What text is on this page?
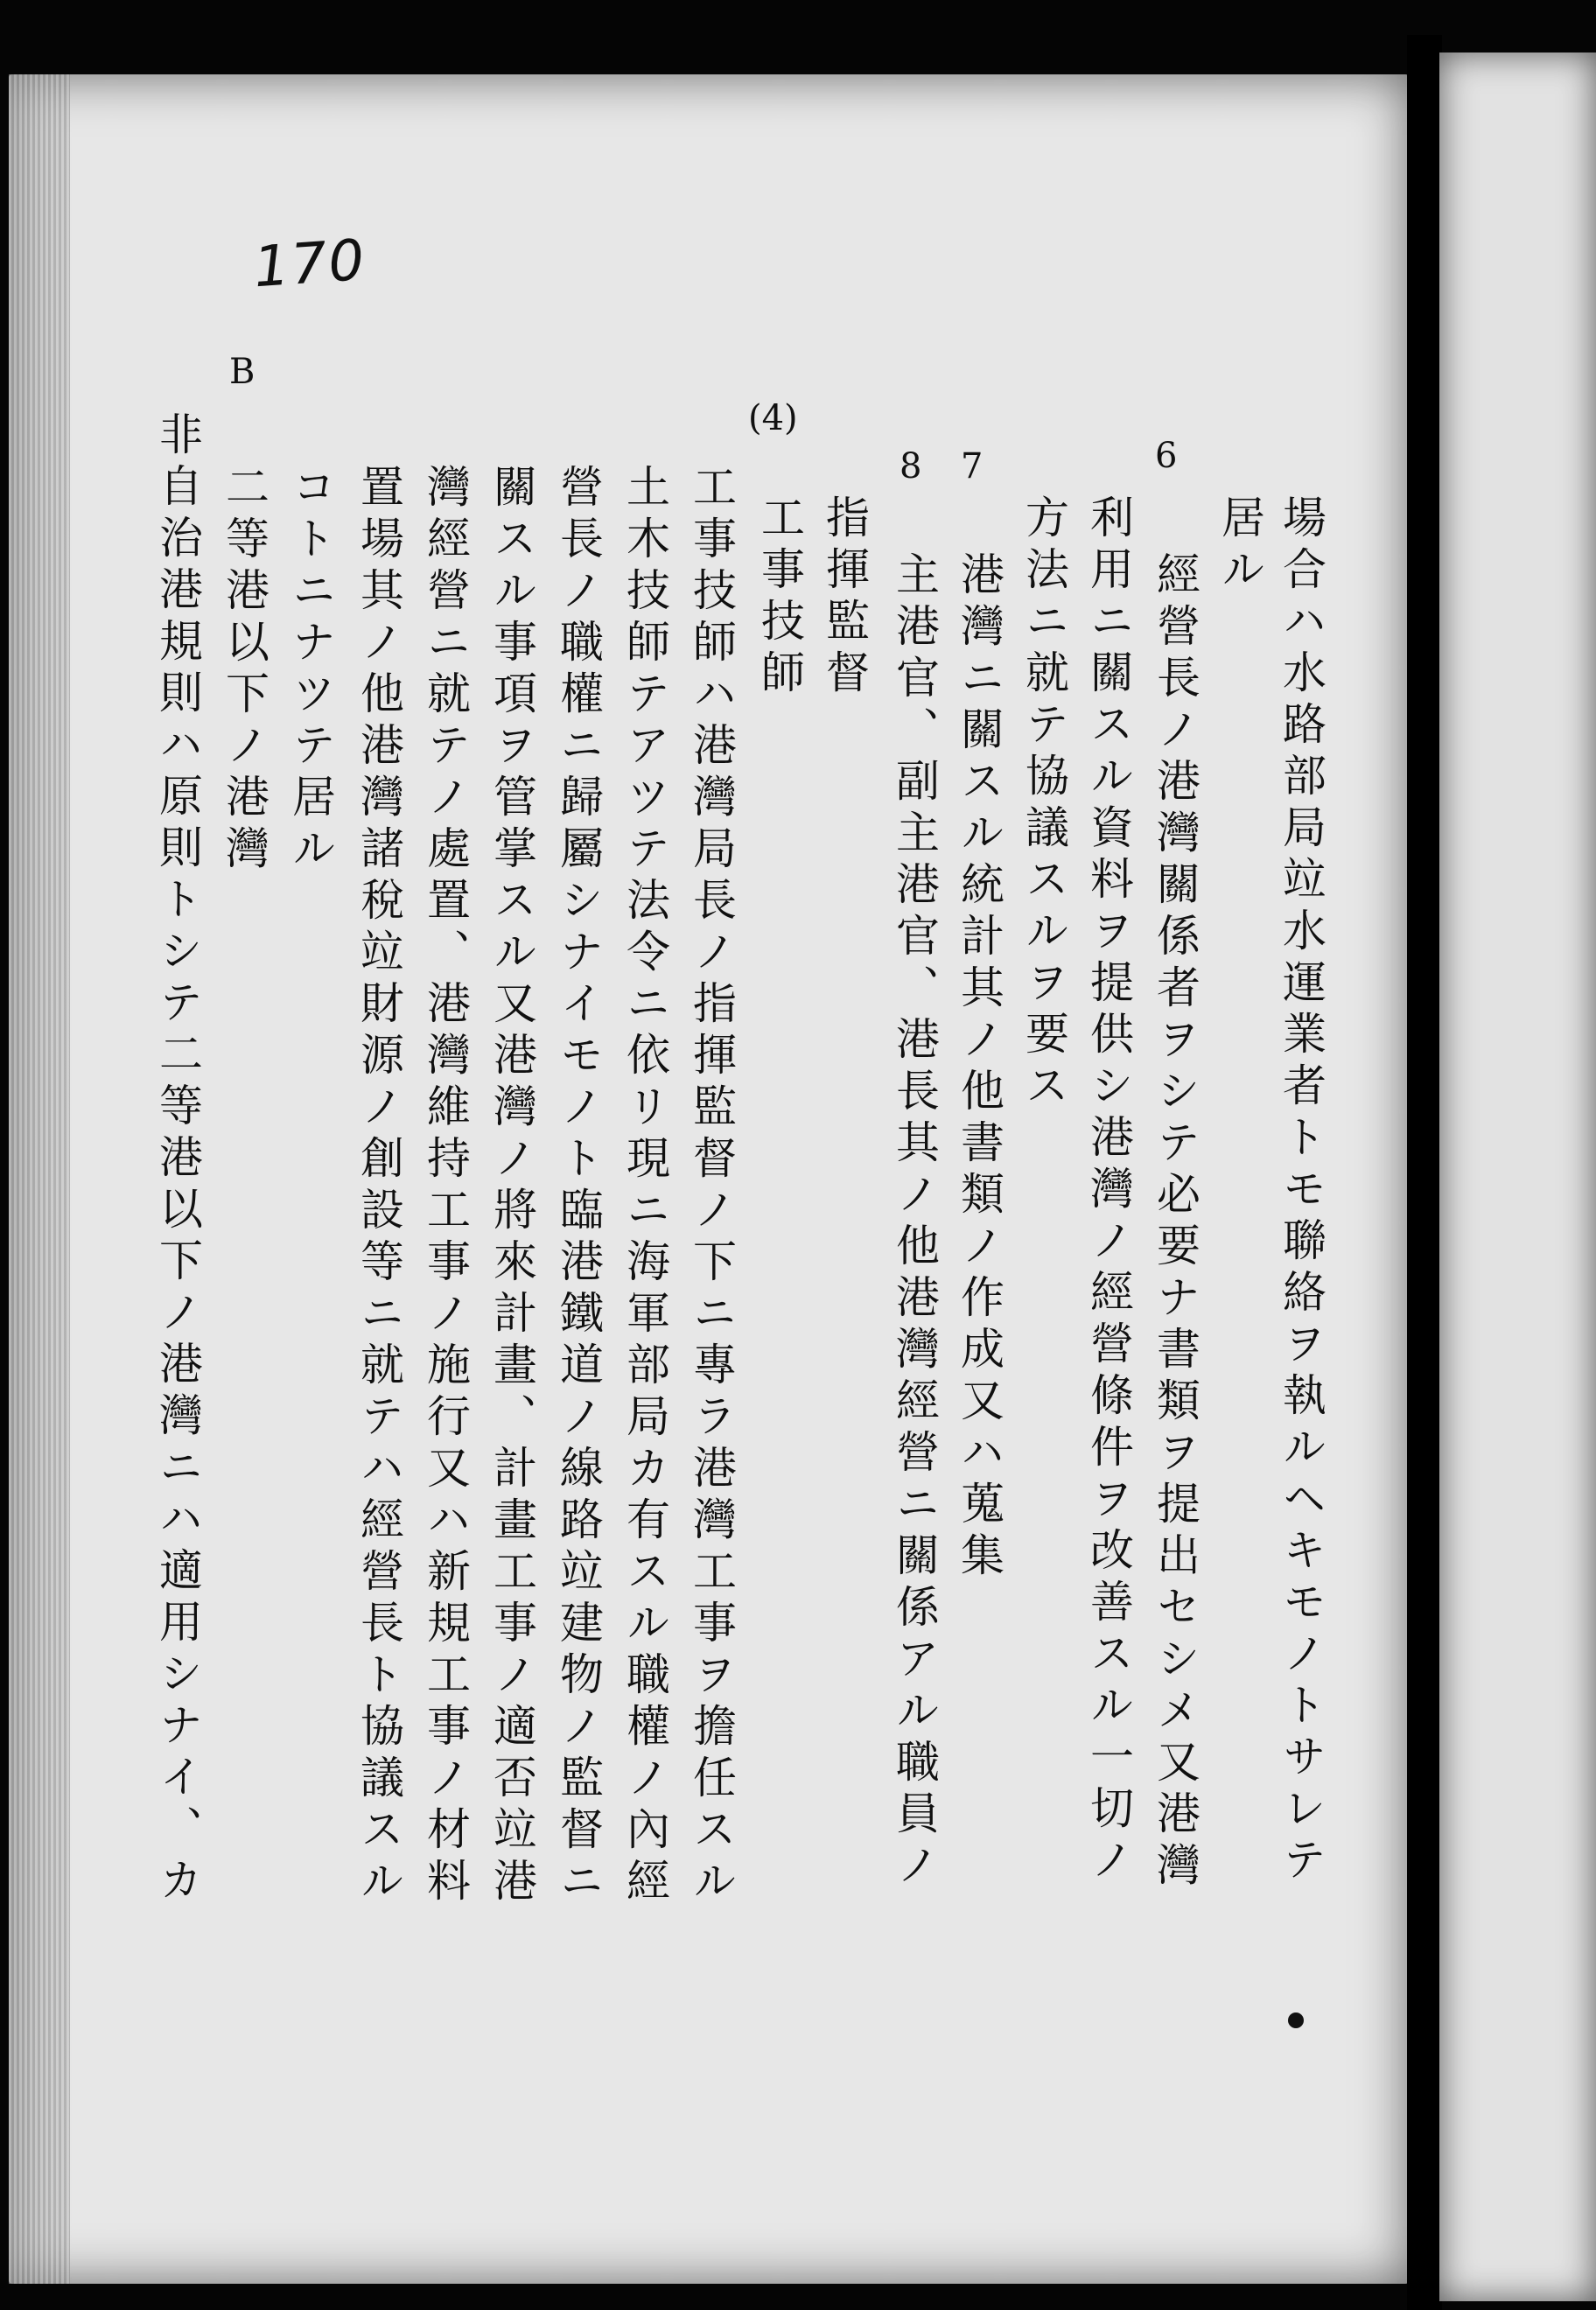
170
B
(4)
8 7	6
場合ハ水路部局竝水運業者トモ聯絡ヲ執ルヘキモノトサレテ
居ル
經營長ノ港灣關係者ヲシテ必要ナ書類ヲ提出セシメ又港灣
利用ニ關スル資料ヲ提供シ港灣ノ經營條件ヲ改善スル一切ノ
方法ニ就テ協議スルヲ要ス
港灣ニ關スル統計其ノ他書類ノ作成又ハ蒐集
主港官、副主港官、港長其ノ他港灣經營ニ關係アル職員ノ
指揮監督
工事技師
工事技師ハ港灣局長ノ指揮監督ノ下ニ專ラ港灣工事ヲ擔任スル
土木技師テアツテ法令ニ依リ現ニ海軍部局カ有スル職權ノ內經
營長ノ職權ニ歸屬シナイモノト臨港鐵道ノ線路竝建物ノ監督ニ
關スル事項ヲ管掌スル又港灣ノ將來計畫、計畫工事ノ適否竝港
灣經營ニ就テノ處置、港灣維持工事ノ施行又ハ新規工事ノ材料
置場其ノ他港灣諸稅竝財源ノ創設等ニ就テハ經營長ト協議スル
コトニナツテ居ル
二等港以下ノ港灣
非自治港規則ハ原則トシテ二等港以下ノ港灣ニハ適用シナイ、カ
